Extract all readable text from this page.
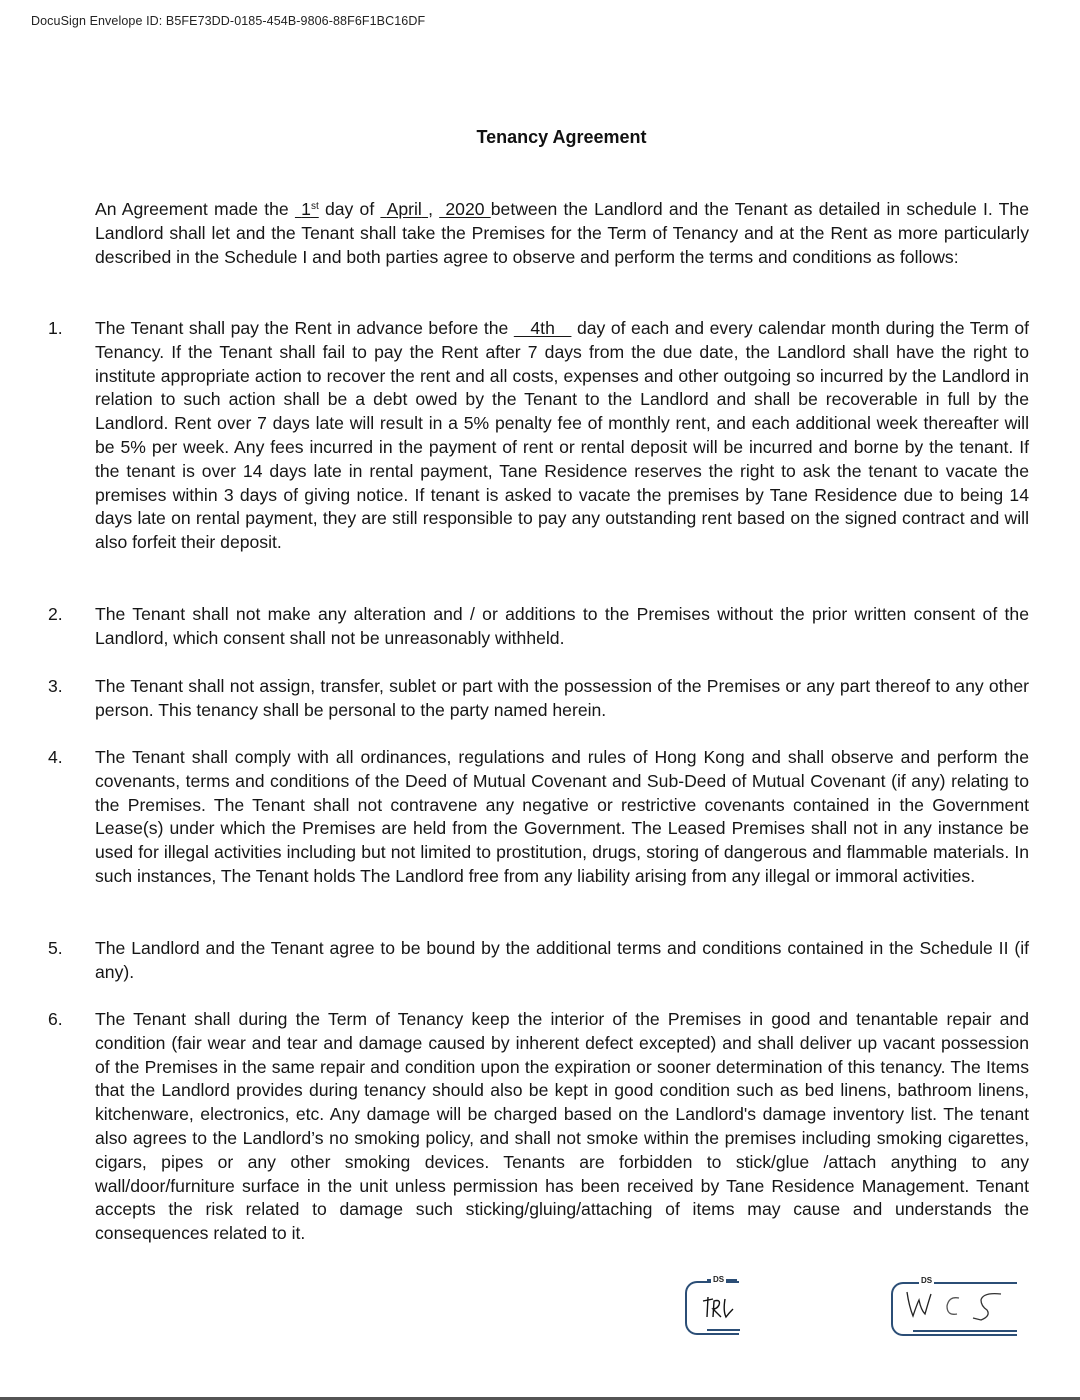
DocuSign Envelope ID: B5FE73DD-0185-454B-9806-88F6F1BC16DF
Tenancy Agreement

An Agreement made the  1st day of  April ,  2020 between the Landlord and the Tenant as detailed in schedule I. The Landlord shall let and the Tenant shall take the Premises for the Term of Tenancy and at the Rent as more particularly described in the Schedule I and both parties agree to observe and perform the terms and conditions as follows:

1. The Tenant shall pay the Rent in advance before the    4th    day of each and every calendar month during the Term of Tenancy. If the Tenant shall fail to pay the Rent after 7 days from the due date, the Landlord shall have the right to institute appropriate action to recover the rent and all costs, expenses and other outgoing so incurred by the Landlord in relation to such action shall be a debt owed by the Tenant to the Landlord and shall be recoverable in full by the Landlord. Rent over 7 days late will result in a 5% penalty fee of monthly rent, and each additional week thereafter will be 5% per week. Any fees incurred in the payment of rent or rental deposit will be incurred and borne by the tenant. If the tenant is over 14 days late in rental payment, Tane Residence reserves the right to ask the tenant to vacate the premises within 3 days of giving notice. If tenant is asked to vacate the premises by Tane Residence due to being 14 days late on rental payment, they are still responsible to pay any outstanding rent based on the signed contract and will also forfeit their deposit.

2. The Tenant shall not make any alteration and / or additions to the Premises without the prior written consent of the Landlord, which consent shall not be unreasonably withheld.

3. The Tenant shall not assign, transfer, sublet or part with the possession of the Premises or any part thereof to any other person. This tenancy shall be personal to the party named herein.

4. The Tenant shall comply with all ordinances, regulations and rules of Hong Kong and shall observe and perform the covenants, terms and conditions of the Deed of Mutual Covenant and Sub-Deed of Mutual Covenant (if any) relating to the Premises. The Tenant shall not contravene any negative or restrictive covenants contained in the Government Lease(s) under which the Premises are held from the Government. The Leased Premises shall not in any instance be used for illegal activities including but not limited to prostitution, drugs, storing of dangerous and flammable materials. In such instances, The Tenant holds The Landlord free from any liability arising from any illegal or immoral activities.

5. The Landlord and the Tenant agree to be bound by the additional terms and conditions contained in the Schedule II (if any).

6. The Tenant shall during the Term of Tenancy keep the interior of the Premises in good and tenantable repair and condition (fair wear and tear and damage caused by inherent defect excepted) and shall deliver up vacant possession of the Premises in the same repair and condition upon the expiration or sooner determination of this tenancy. The Items that the Landlord provides during tenancy should also be kept in good condition such as bed linens, bathroom linens, kitchenware, electronics, etc. Any damage will be charged based on the Landlord's damage inventory list. The tenant also agrees to the Landlord’s no smoking policy, and shall not smoke within the premises including smoking cigarettes, cigars, pipes or any other smoking devices. Tenants are forbidden to stick/glue /attach anything to any wall/door/furniture surface in the unit unless permission has been received by Tane Residence Management. Tenant accepts the risk related to damage such sticking/gluing/attaching of items may cause and understands the consequences related to it.

DS	DS
